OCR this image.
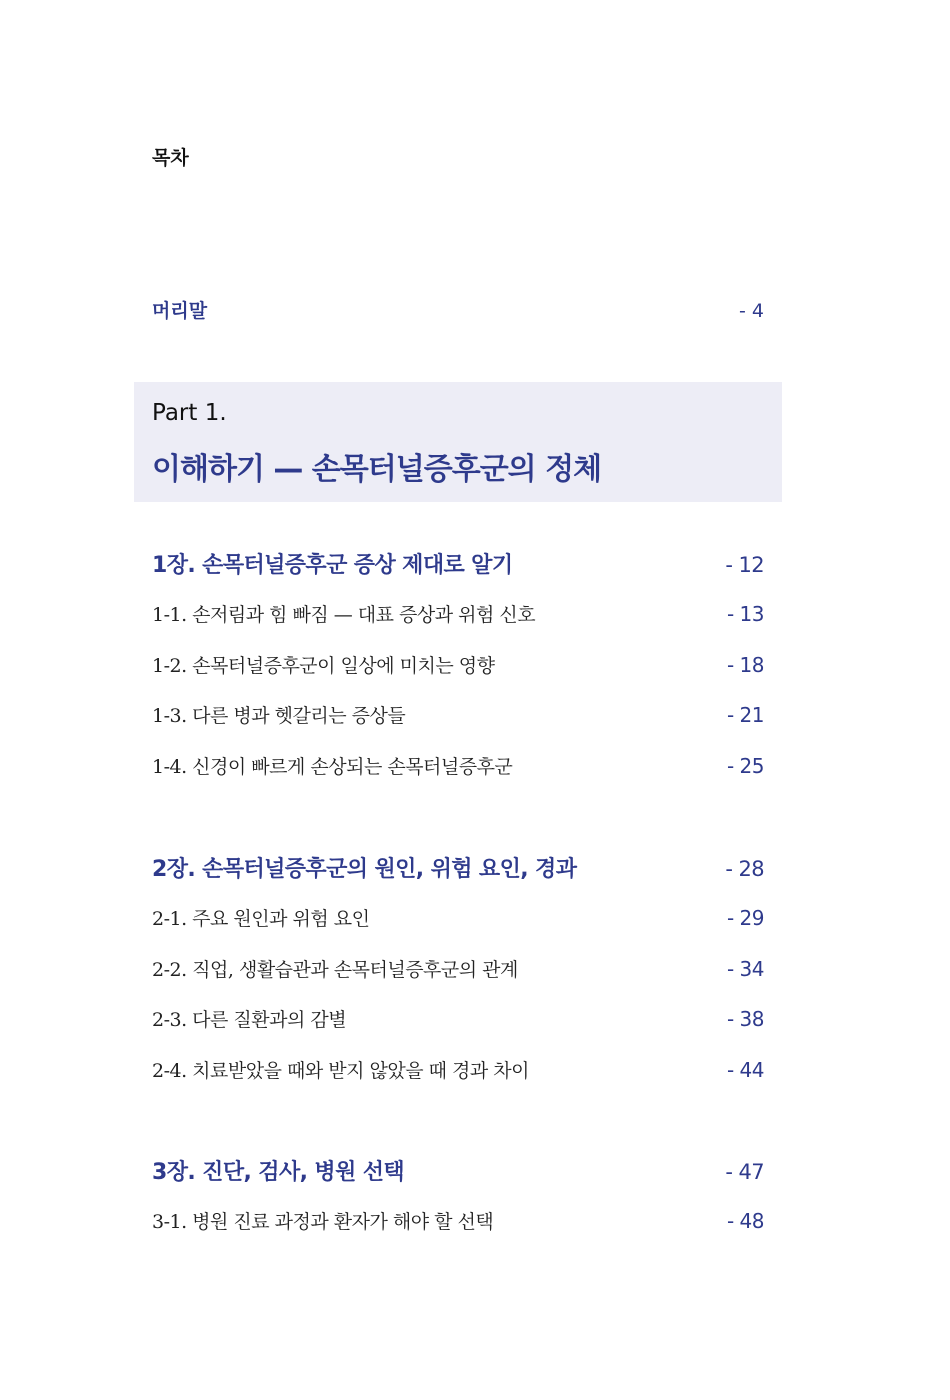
목차
머리말	- 4
Part 1.
이해하기 — 손목터널증후군의 정체
1장. 손목터널증후군 증상 제대로 알기	- 12
1-1. 손저림과 힘 빠짐 — 대표 증상과 위험 신호	- 13
1-2. 손목터널증후군이 일상에 미치는 영향	- 18
1-3. 다른 병과 헷갈리는 증상들	- 21
1-4. 신경이 빠르게 손상되는 손목터널증후군	- 25
2장. 손목터널증후군의 원인, 위험 요인, 경과	- 28
2-1. 주요 원인과 위험 요인	- 29
2-2. 직업, 생활습관과 손목터널증후군의 관계	- 34
2-3. 다른 질환과의 감별	- 38
2-4. 치료받았을 때와 받지 않았을 때 경과 차이	- 44
3장. 진단, 검사, 병원 선택	- 47
3-1. 병원 진료 과정과 환자가 해야 할 선택	- 48
